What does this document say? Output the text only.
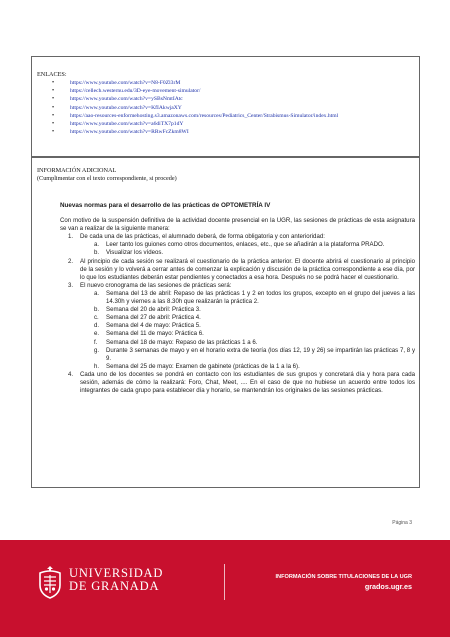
ENLACES:
•	https://www.youtube.com/watch?v=N8-F0Zl3rM
•	https://cellech.westernu.edu/3D-eye-movement-simulator/
•	https://www.youtube.com/watch?v=ySBsNmtIAtc
•	https://www.youtube.com/watch?v=KfIAkwjaXY
•	https://aao-resources-enformehosting.s3.amazonaws.com/resources/Pediatrics_Center/Strabismus-Simulator/index.html
•	https://www.youtube.com/watch?v=a6diTX7p1dY
•	https://www.youtube.com/watch?v=RRwFcZkm8WI
INFORMACIÓN ADICIONAL
(Cumplimentar con el texto correspondiente, si procede)
Nuevas normas para el desarrollo de las prácticas de OPTOMETRÍA IV
Con motivo de la suspensión definitiva de la actividad docente presencial en la UGR, las sesiones de prácticas de esta asignatura se van a realizar de la siguiente manera:
1. De cada una de las prácticas, el alumnado deberá, de forma obligatoria y con anterioridad:
a. Leer tanto los guiones como otros documentos, enlaces, etc., que se añadirán a la plataforma PRADO.
b. Visualizar los vídeos.
2. Al principio de cada sesión se realizará el cuestionario de la práctica anterior. El docente abrirá el cuestionario al principio de la sesión y lo volverá a cerrar antes de comenzar la explicación y discusión de la práctica correspondiente a ese día, por lo que los estudiantes deberán estar pendientes y conectados a esa hora. Después no se podrá hacer el cuestionario.
3. El nuevo cronograma de las sesiones de prácticas será:
a. Semana del 13 de abril: Repaso de las prácticas 1 y 2 en todos los grupos, excepto en el grupo del jueves a las 14.30h y viernes a las 8.30h que realizarán la práctica 2.
b. Semana del 20 de abril: Práctica 3.
c. Semana del 27 de abril: Práctica 4.
d. Semana del 4 de mayo: Práctica 5.
e. Semana del 11 de mayo: Práctica 6.
f. Semana del 18 de mayo: Repaso de las prácticas 1 a 6.
g. Durante 3 semanas de mayo y en el horario extra de teoría (los días 12, 19 y 26) se impartirán las prácticas 7, 8 y 9.
h. Semana del 25 de mayo: Examen de gabinete (prácticas de la 1 a la 6).
4. Cada uno de los docentes se pondrá en contacto con los estudiantes de sus grupos y concretará día y hora para cada sesión, además de cómo la realizará: Foro, Chat, Meet, .... En el caso de que no hubiese un acuerdo entre todos los integrantes de cada grupo para establecer día y horario, se mantendrán los originales de las sesiones prácticas.
Página 3
UNIVERSIDAD
DE GRANADA
INFORMACIÓN SOBRE TITULACIONES DE LA UGR
grados.ugr.es
